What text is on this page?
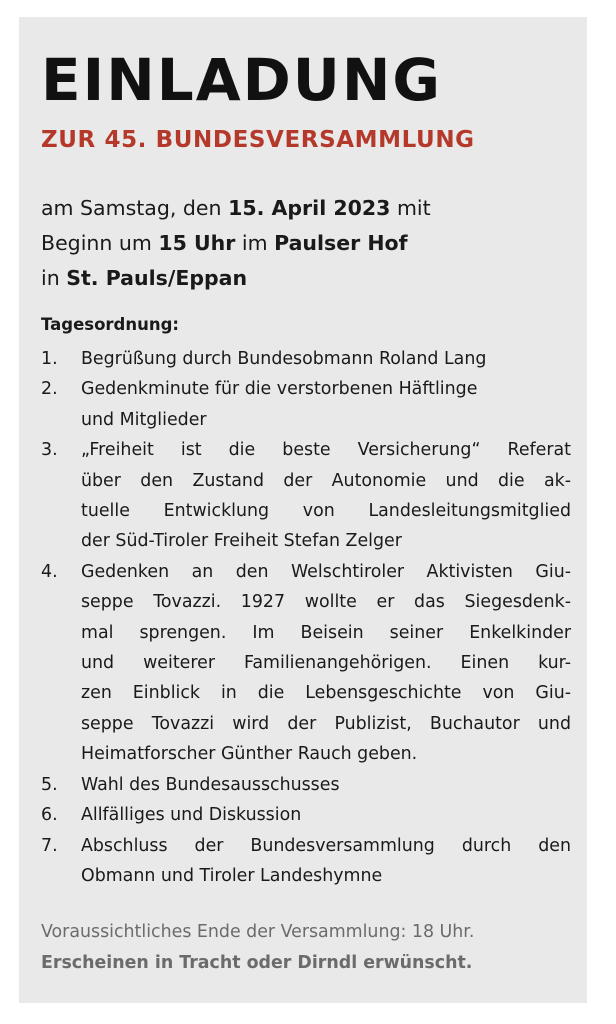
EINLADUNG
ZUR 45. BUNDESVERSAMMLUNG

am Samstag, den 15. April 2023 mit
Beginn um 15 Uhr im Paulser Hof
in St. Pauls/Eppan

Tagesordnung:

1.	Begrüßung durch Bundesobmann Roland Lang
2.	Gedenkminute für die verstorbenen Häftlinge
und Mitglieder
3.	„Freiheit ist die beste Versicherung“ Referat
über den Zustand der Autonomie und die ak-
tuelle Entwicklung von Landesleitungsmitglied
der Süd-Tiroler Freiheit Stefan Zelger
4.	Gedenken an den Welschtiroler Aktivisten Giu-
seppe Tovazzi. 1927 wollte er das Siegesdenk-
mal sprengen. Im Beisein seiner Enkelkinder
und weiterer Familienangehörigen. Einen kur-
zen Einblick in die Lebensgeschichte von Giu-
seppe Tovazzi wird der Publizist, Buchautor und
Heimatforscher Günther Rauch geben.
5.	Wahl des Bundesausschusses
6.	Allfälliges und Diskussion
7.	Abschluss der Bundesversammlung durch den
Obmann und Tiroler Landeshymne
Voraussichtliches Ende der Versammlung: 18 Uhr.
Erscheinen in Tracht oder Dirndl erwünscht.
